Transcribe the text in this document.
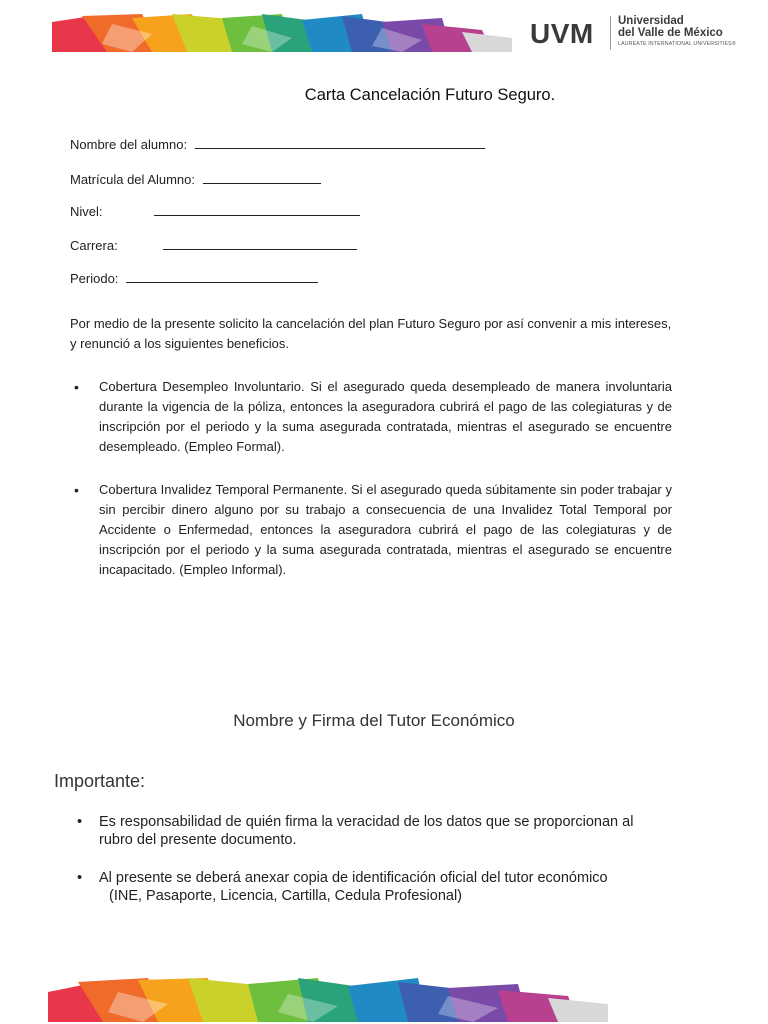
UVM Universidad
del Valle de México
LAUREATE INTERNATIONAL UNIVERSITIES®
Carta Cancelación Futuro Seguro.
Nombre del alumno:
Matrícula del Alumno:
Nivel:
Carrera:
Periodo:
Por medio de la presente solicito la cancelación del plan Futuro Seguro por así convenir a mis intereses, y renunció a los siguientes beneficios.
• Cobertura Desempleo Involuntario. Si el asegurado queda desempleado de manera involuntaria durante la vigencia de la póliza, entonces la aseguradora cubrirá el pago de las colegiaturas y de inscripción por el periodo y la suma asegurada contratada, mientras el asegurado se encuentre desempleado. (Empleo Formal).
• Cobertura Invalidez Temporal Permanente. Si el asegurado queda súbitamente sin poder trabajar y sin percibir dinero alguno por su trabajo a consecuencia de una Invalidez Total Temporal por Accidente o Enfermedad, entonces la aseguradora cubrirá el pago de las colegiaturas y de inscripción por el periodo y la suma asegurada contratada, mientras el asegurado se encuentre incapacitado. (Empleo Informal).
Nombre y Firma del Tutor Económico
Importante:
• Es responsabilidad de quién firma la veracidad de los datos que se proporcionan al rubro del presente documento.
• Al presente se deberá anexar copia de identificación oficial del tutor económico
(INE, Pasaporte, Licencia, Cartilla, Cedula Profesional)
